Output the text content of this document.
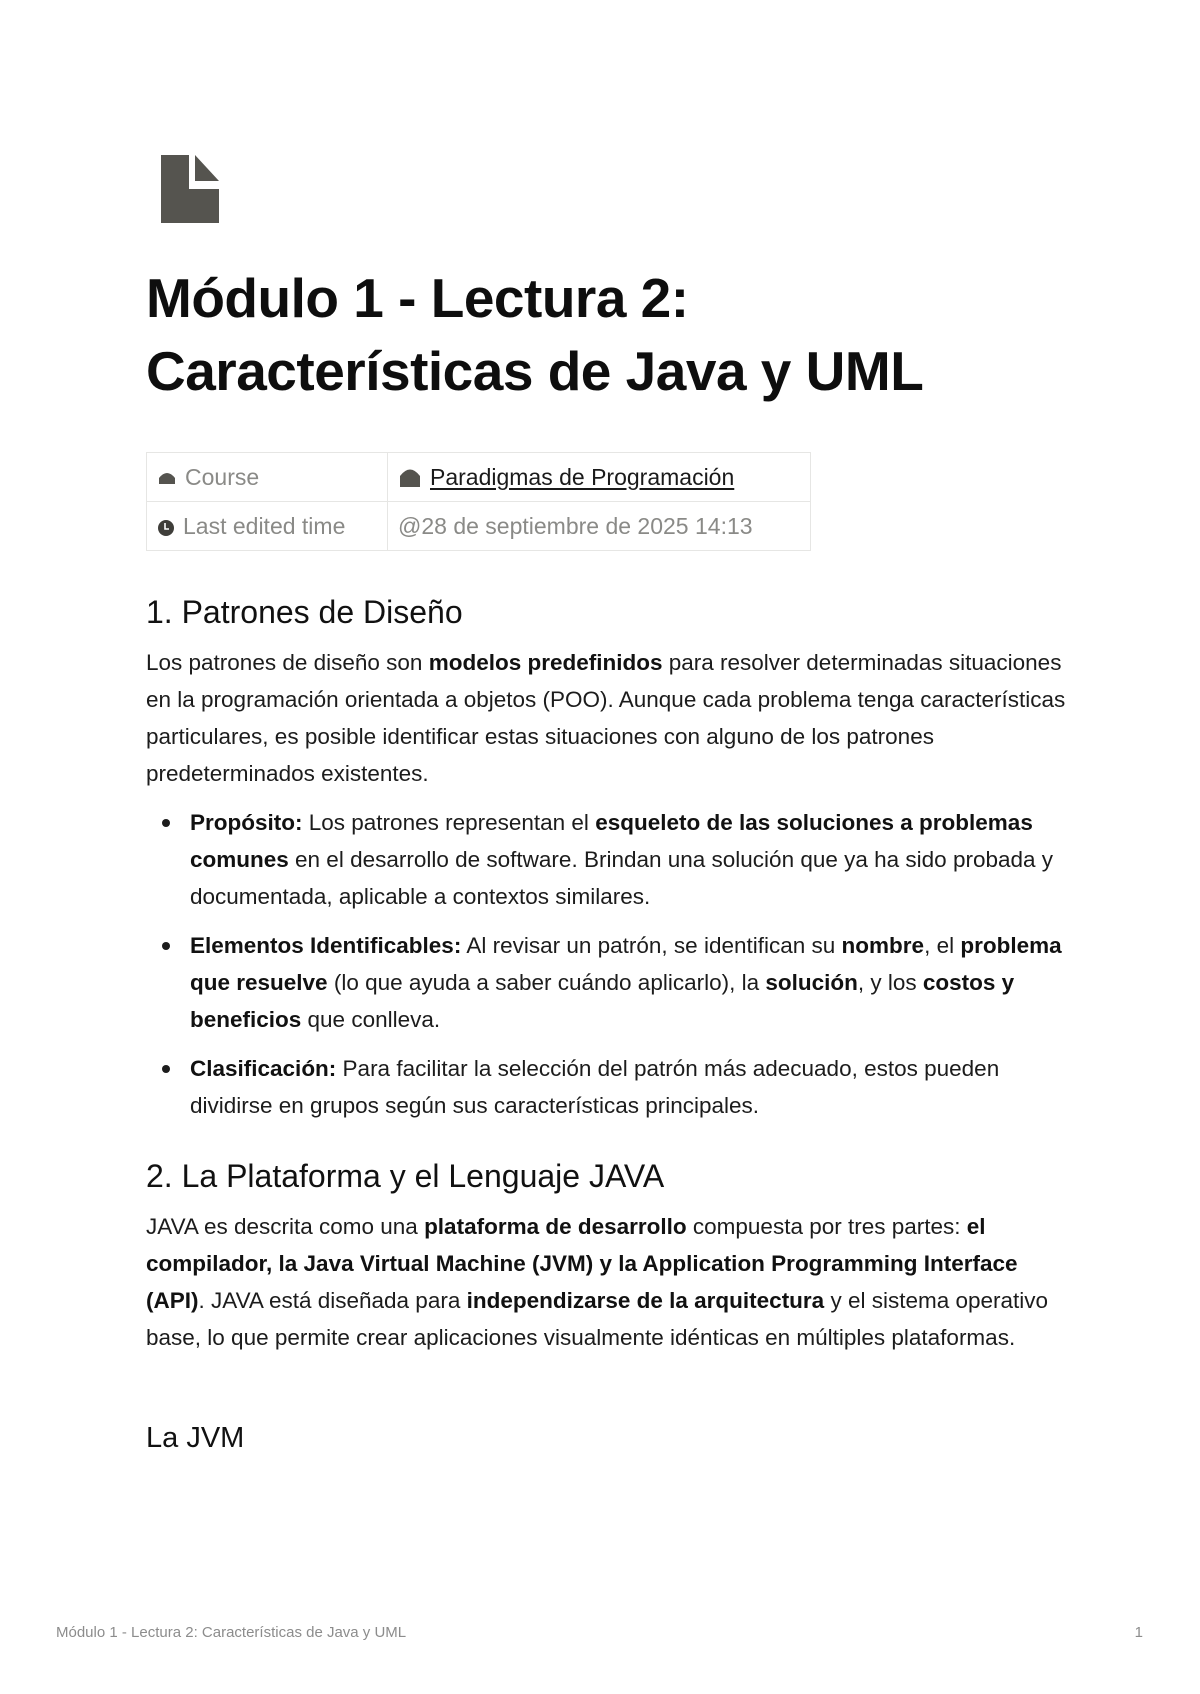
Módulo 1 - Lectura 2:
Características de Java y UML
Course	Paradigmas de Programación
Last edited time	@28 de septiembre de 2025 14:13
1. Patrones de Diseño

Los patrones de diseño son modelos predefinidos para resolver determinadas situaciones en la programación orientada a objetos (POO). Aunque cada problema tenga características particulares, es posible identificar estas situaciones con alguno de los patrones predeterminados existentes.

Propósito: Los patrones representan el esqueleto de las soluciones a problemas comunes en el desarrollo de software. Brindan una solución que ya ha sido probada y documentada, aplicable a contextos similares.
Elementos Identificables: Al revisar un patrón, se identifican su nombre, el problema que resuelve (lo que ayuda a saber cuándo aplicarlo), la solución, y los costos y beneficios que conlleva.
Clasificación: Para facilitar la selección del patrón más adecuado, estos pueden dividirse en grupos según sus características principales.
2. La Plataforma y el Lenguaje JAVA

JAVA es descrita como una plataforma de desarrollo compuesta por tres partes: el compilador, la Java Virtual Machine (JVM) y la Application Programming Interface (API). JAVA está diseñada para independizarse de la arquitectura y el sistema operativo base, lo que permite crear aplicaciones visualmente idénticas en múltiples plataformas.

La JVM
Módulo 1 - Lectura 2: Características de Java y UML	1
